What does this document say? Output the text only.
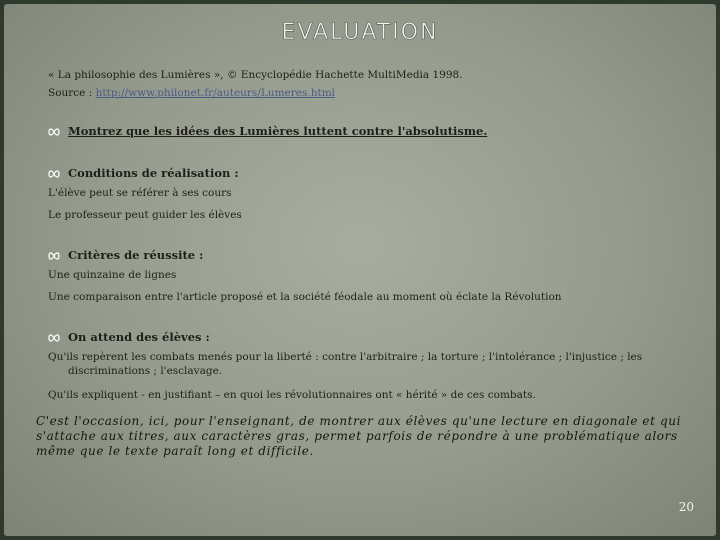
EVALUATION
« La philosophie des Lumières », © Encyclopédie Hachette MultiMedia 1998.
Source : http://www.philonet.fr/auteurs/Lumeres.html
Montrez que les idées des Lumières luttent contre l'absolutisme.
Conditions de réalisation :
L'élève peut se référer à ses cours
Le professeur peut guider les élèves
Critères de réussite :
Une quinzaine de lignes
Une comparaison entre l'article proposé et la société féodale au moment où éclate la Révolution
On attend des élèves :
Qu'ils repèrent les combats menés pour la liberté : contre l'arbitraire ; la torture ; l'intolérance ; l'injustice ; les discriminations ; l'esclavage.
Qu'ils expliquent - en justifiant – en quoi les révolutionnaires ont « hérité » de ces combats.
C'est l'occasion, ici, pour l'enseignant, de montrer aux élèves qu'une lecture en diagonale et qui s'attache aux titres, aux caractères gras, permet parfois de répondre à une problématique alors même que le texte paraît long et difficile.
20
